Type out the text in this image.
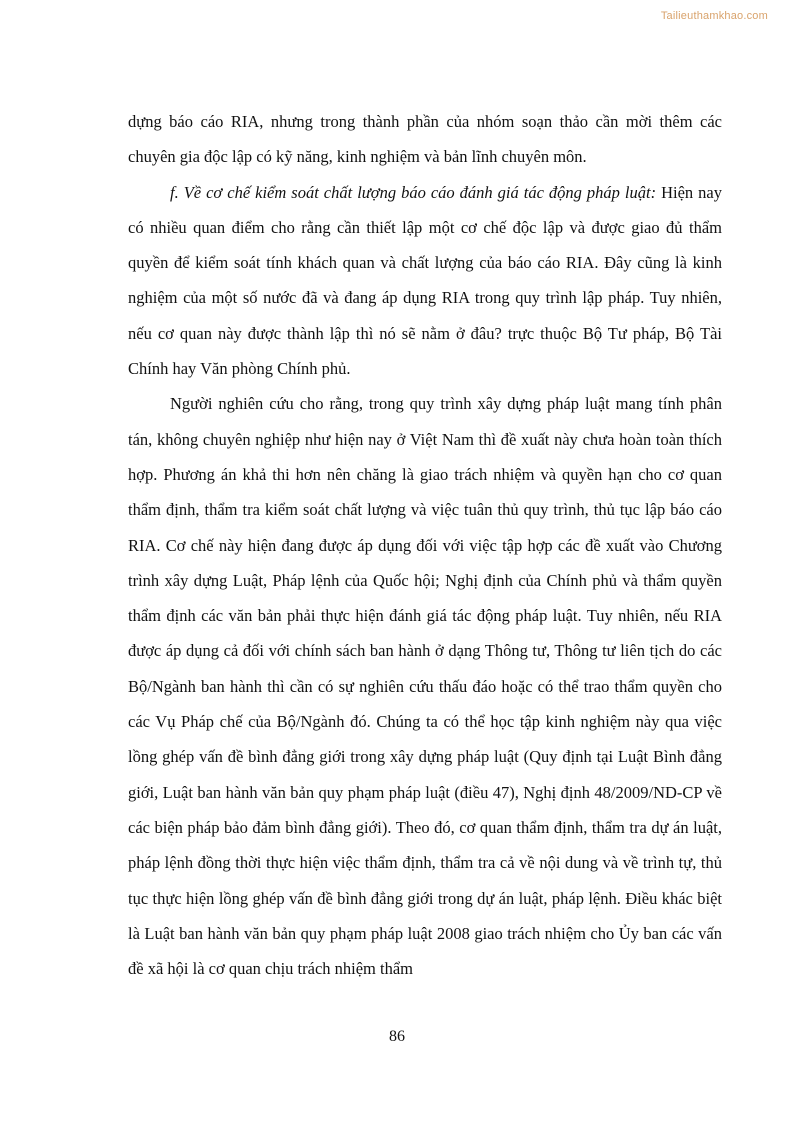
Tailieuthamkhao.com

dựng báo cáo RIA, nhưng trong thành phần của nhóm soạn thảo cần mời thêm các chuyên gia độc lập có kỹ năng, kinh nghiệm và bản lĩnh chuyên môn.

f. Về cơ chế kiểm soát chất lượng báo cáo đánh giá tác động pháp luật: Hiện nay có nhiều quan điểm cho rằng cần thiết lập một cơ chế độc lập và được giao đủ thẩm quyền để kiểm soát tính khách quan và chất lượng của báo cáo RIA. Đây cũng là kinh nghiệm của một số nước đã và đang áp dụng RIA trong quy trình lập pháp. Tuy nhiên, nếu cơ quan này được thành lập thì nó sẽ nằm ở đâu? trực thuộc Bộ Tư pháp, Bộ Tài Chính hay Văn phòng Chính phủ.

Người nghiên cứu cho rằng, trong quy trình xây dựng pháp luật mang tính phân tán, không chuyên nghiệp như hiện nay ở Việt Nam thì đề xuất này chưa hoàn toàn thích hợp. Phương án khả thi hơn nên chăng là giao trách nhiệm và quyền hạn cho cơ quan thẩm định, thẩm tra kiểm soát chất lượng và việc tuân thủ quy trình, thủ tục lập báo cáo RIA. Cơ chế này hiện đang được áp dụng đối với việc tập hợp các đề xuất vào Chương trình xây dựng Luật, Pháp lệnh của Quốc hội; Nghị định của Chính phủ và thẩm quyền thẩm định các văn bản phải thực hiện đánh giá tác động pháp luật. Tuy nhiên, nếu RIA được áp dụng cả đối với chính sách ban hành ở dạng Thông tư, Thông tư liên tịch do các Bộ/Ngành ban hành thì cần có sự nghiên cứu thấu đáo hoặc có thể trao thẩm quyền cho các Vụ Pháp chế của Bộ/Ngành đó. Chúng ta có thể học tập kinh nghiệm này qua việc lồng ghép vấn đề bình đẳng giới trong xây dựng pháp luật (Quy định tại Luật Bình đẳng giới, Luật ban hành văn bản quy phạm pháp luật (điều 47), Nghị định 48/2009/ND-CP về các biện pháp bảo đảm bình đẳng giới). Theo đó, cơ quan thẩm định, thẩm tra dự án luật, pháp lệnh đồng thời thực hiện việc thẩm định, thẩm tra cả về nội dung và về trình tự, thủ tục thực hiện lồng ghép vấn đề bình đẳng giới trong dự án luật, pháp lệnh. Điều khác biệt là Luật ban hành văn bản quy phạm pháp luật 2008 giao trách nhiệm cho Ủy ban các vấn đề xã hội là cơ quan chịu trách nhiệm thẩm

86
